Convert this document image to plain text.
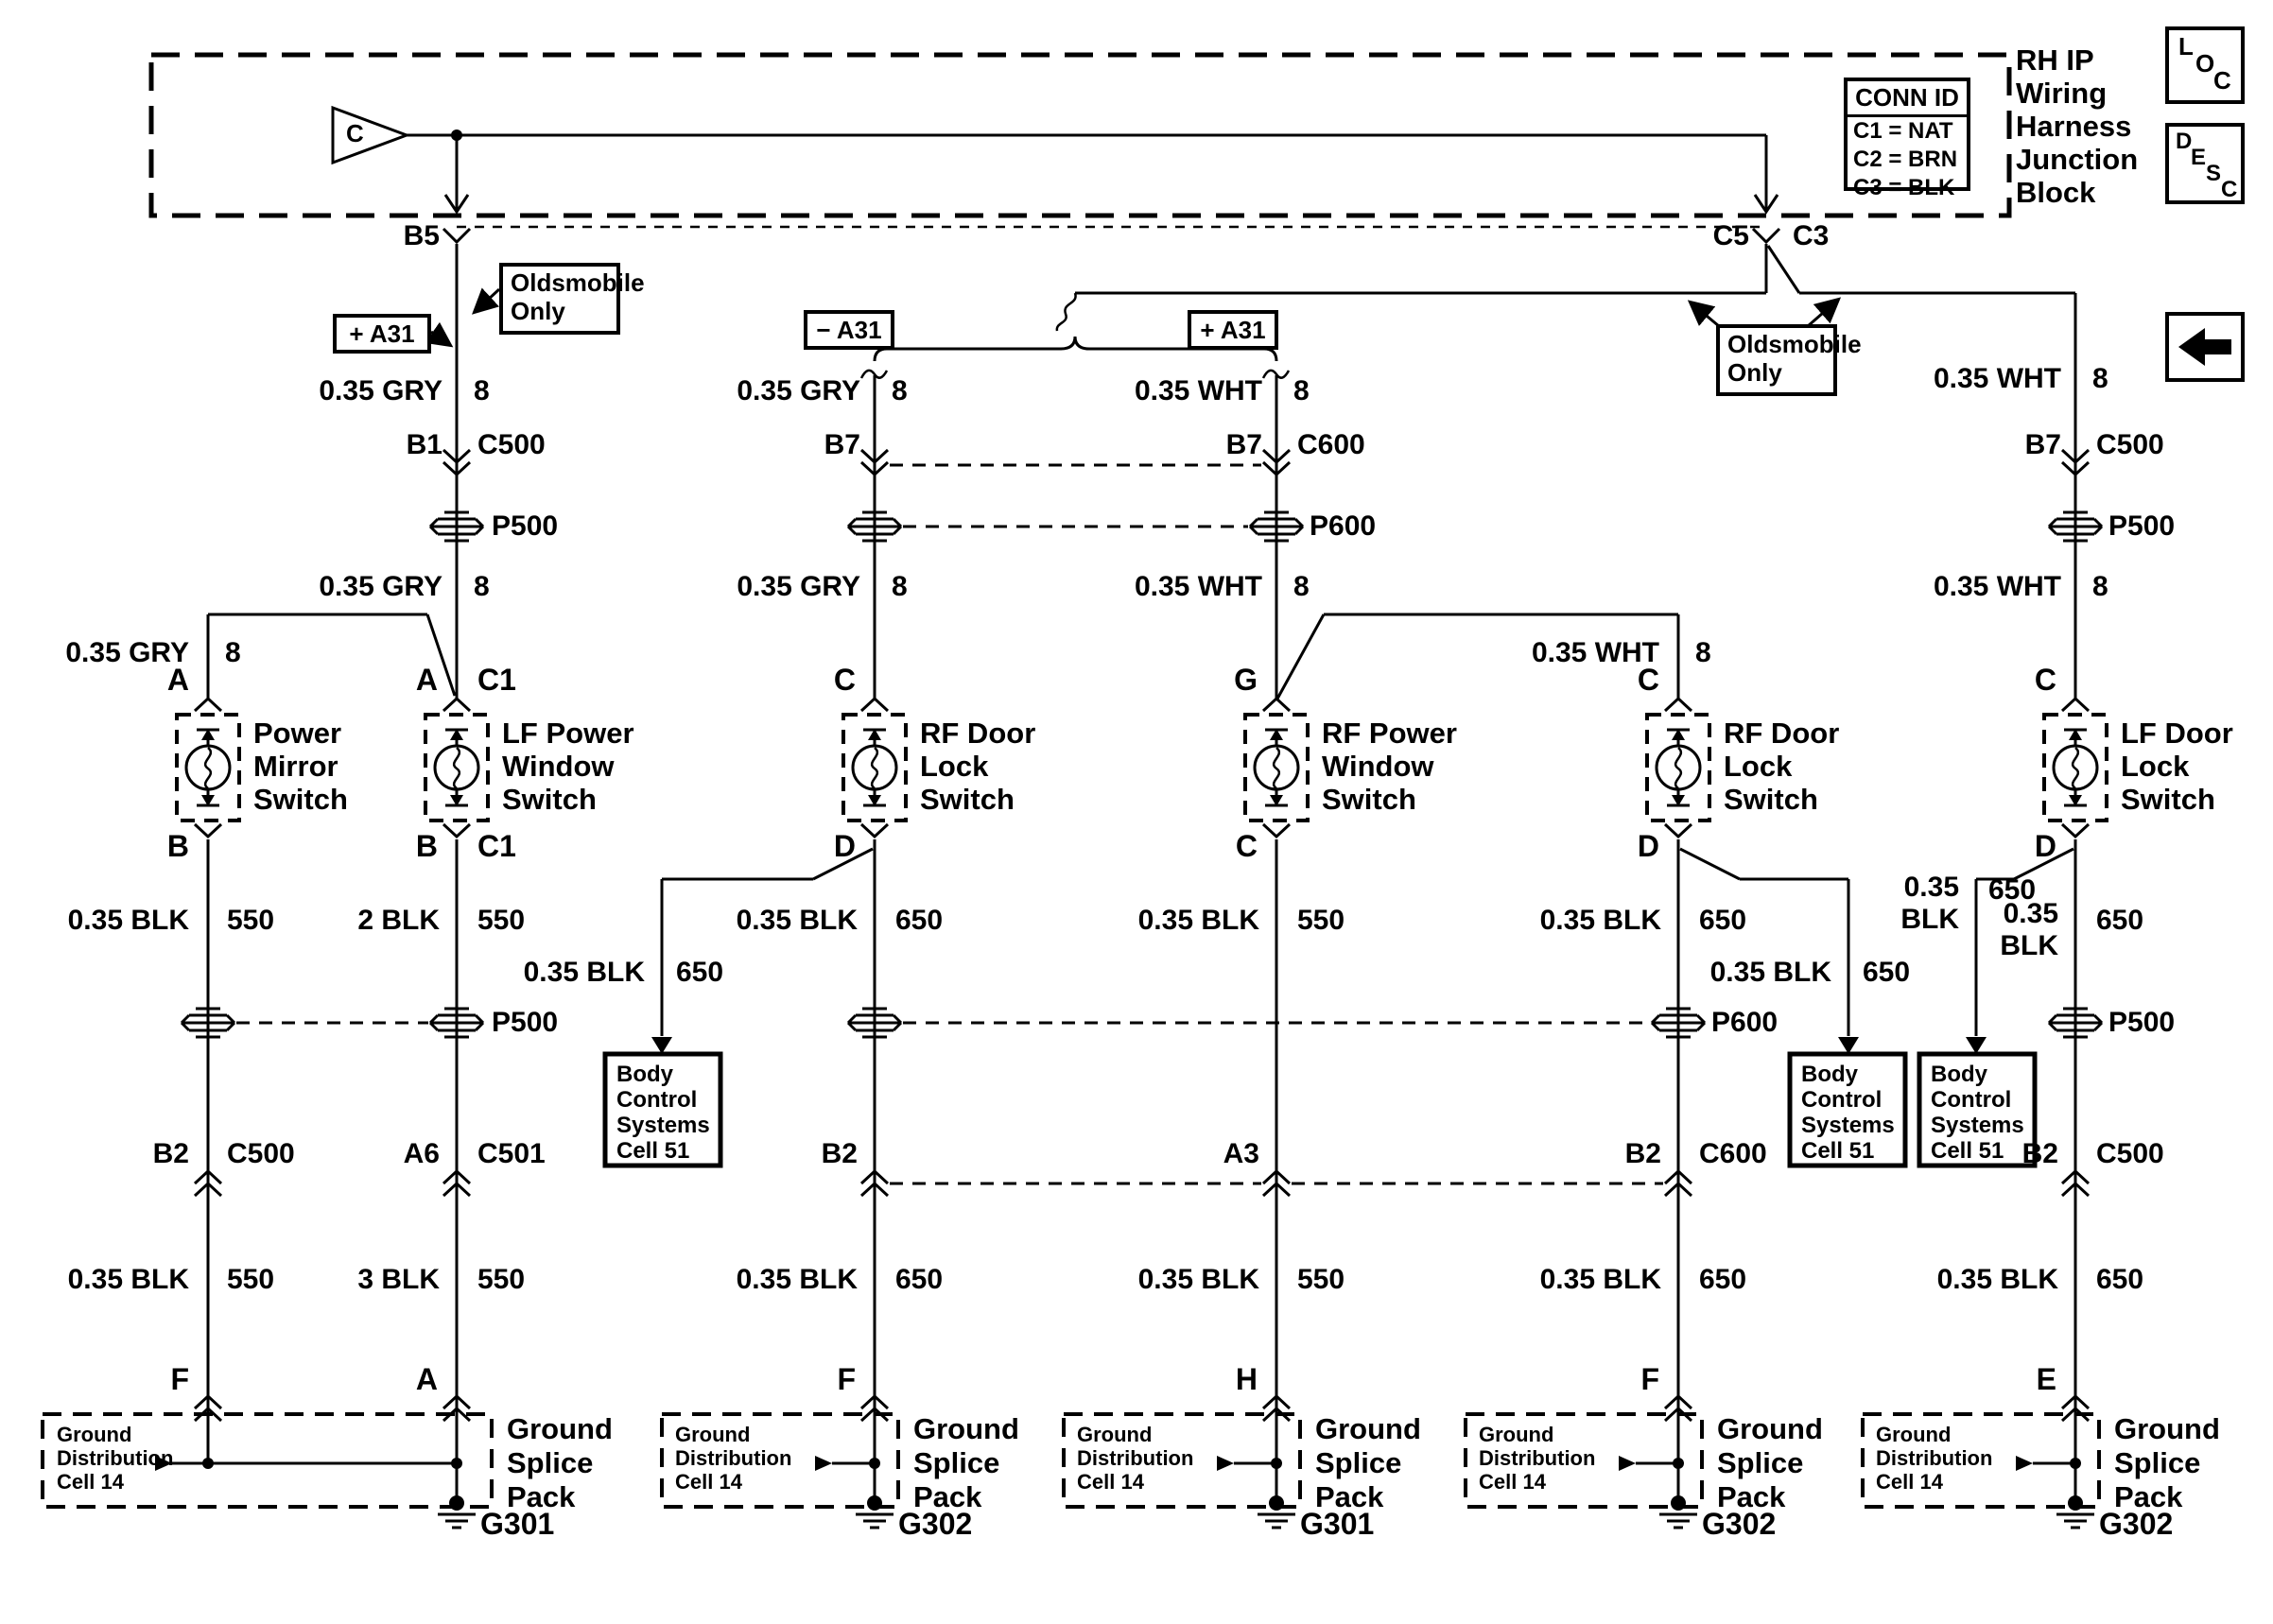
RH IP
Wiring
Harness
Junction
Block
CONN ID
C1 = NAT
C2 = BRN
C3 = BLK
L
O
C
D
E
S
C
C
B5	C5 C3
Oldsmobile
Only
+ A31	− A31	+ A31
Oldsmobile
Only
0.35 GRY 8	0.35 GRY 8	0.35 WHT 8	0.35 WHT 8
B1 C500	B7	B7 C600	B7 C500
P500	P600	P500
0.35 GRY 8	0.35 GRY 8	0.35 WHT 8	0.35 WHT 8
0.35 GRY 8	0.35 WHT 8
A	A C1	C	G	C	C
Power
Mirror
Switch
LF Power
Window
Switch
RF Door
Lock
Switch
RF Power
Window
Switch
RF Door
Lock
Switch
LF Door
Lock
Switch
B	B C1	D	C	D	D
0.35 BLK 550	2 BLK 550	0.35 BLK 650	0.35 BLK 550	0.35 BLK 650	0.35
BLK
650
0.35 BLK 650	0.35 BLK 650
0.35
BLK
650
P500	P600	P500
Body
Control
Systems
Cell 51
Body
Control
Systems
Cell 51
Body
Control
Systems
Cell 51
B2 C500	A6 C501	B2	A3	B2 C600	B2 C500
0.35 BLK 550	3 BLK 550	0.35 BLK 650	0.35 BLK 550	0.35 BLK 650	0.35 BLK 650
F	A	F	H	F	E
Ground
Distribution
Cell 14
Ground
Distribution
Cell 14
Ground
Distribution
Cell 14
Ground
Distribution
Cell 14
Ground
Distribution
Cell 14
Ground
Splice
Pack
Ground
Splice
Pack
Ground
Splice
Pack
Ground
Splice
Pack
Ground
Splice
Pack
G301	G302	G301	G302	G302
